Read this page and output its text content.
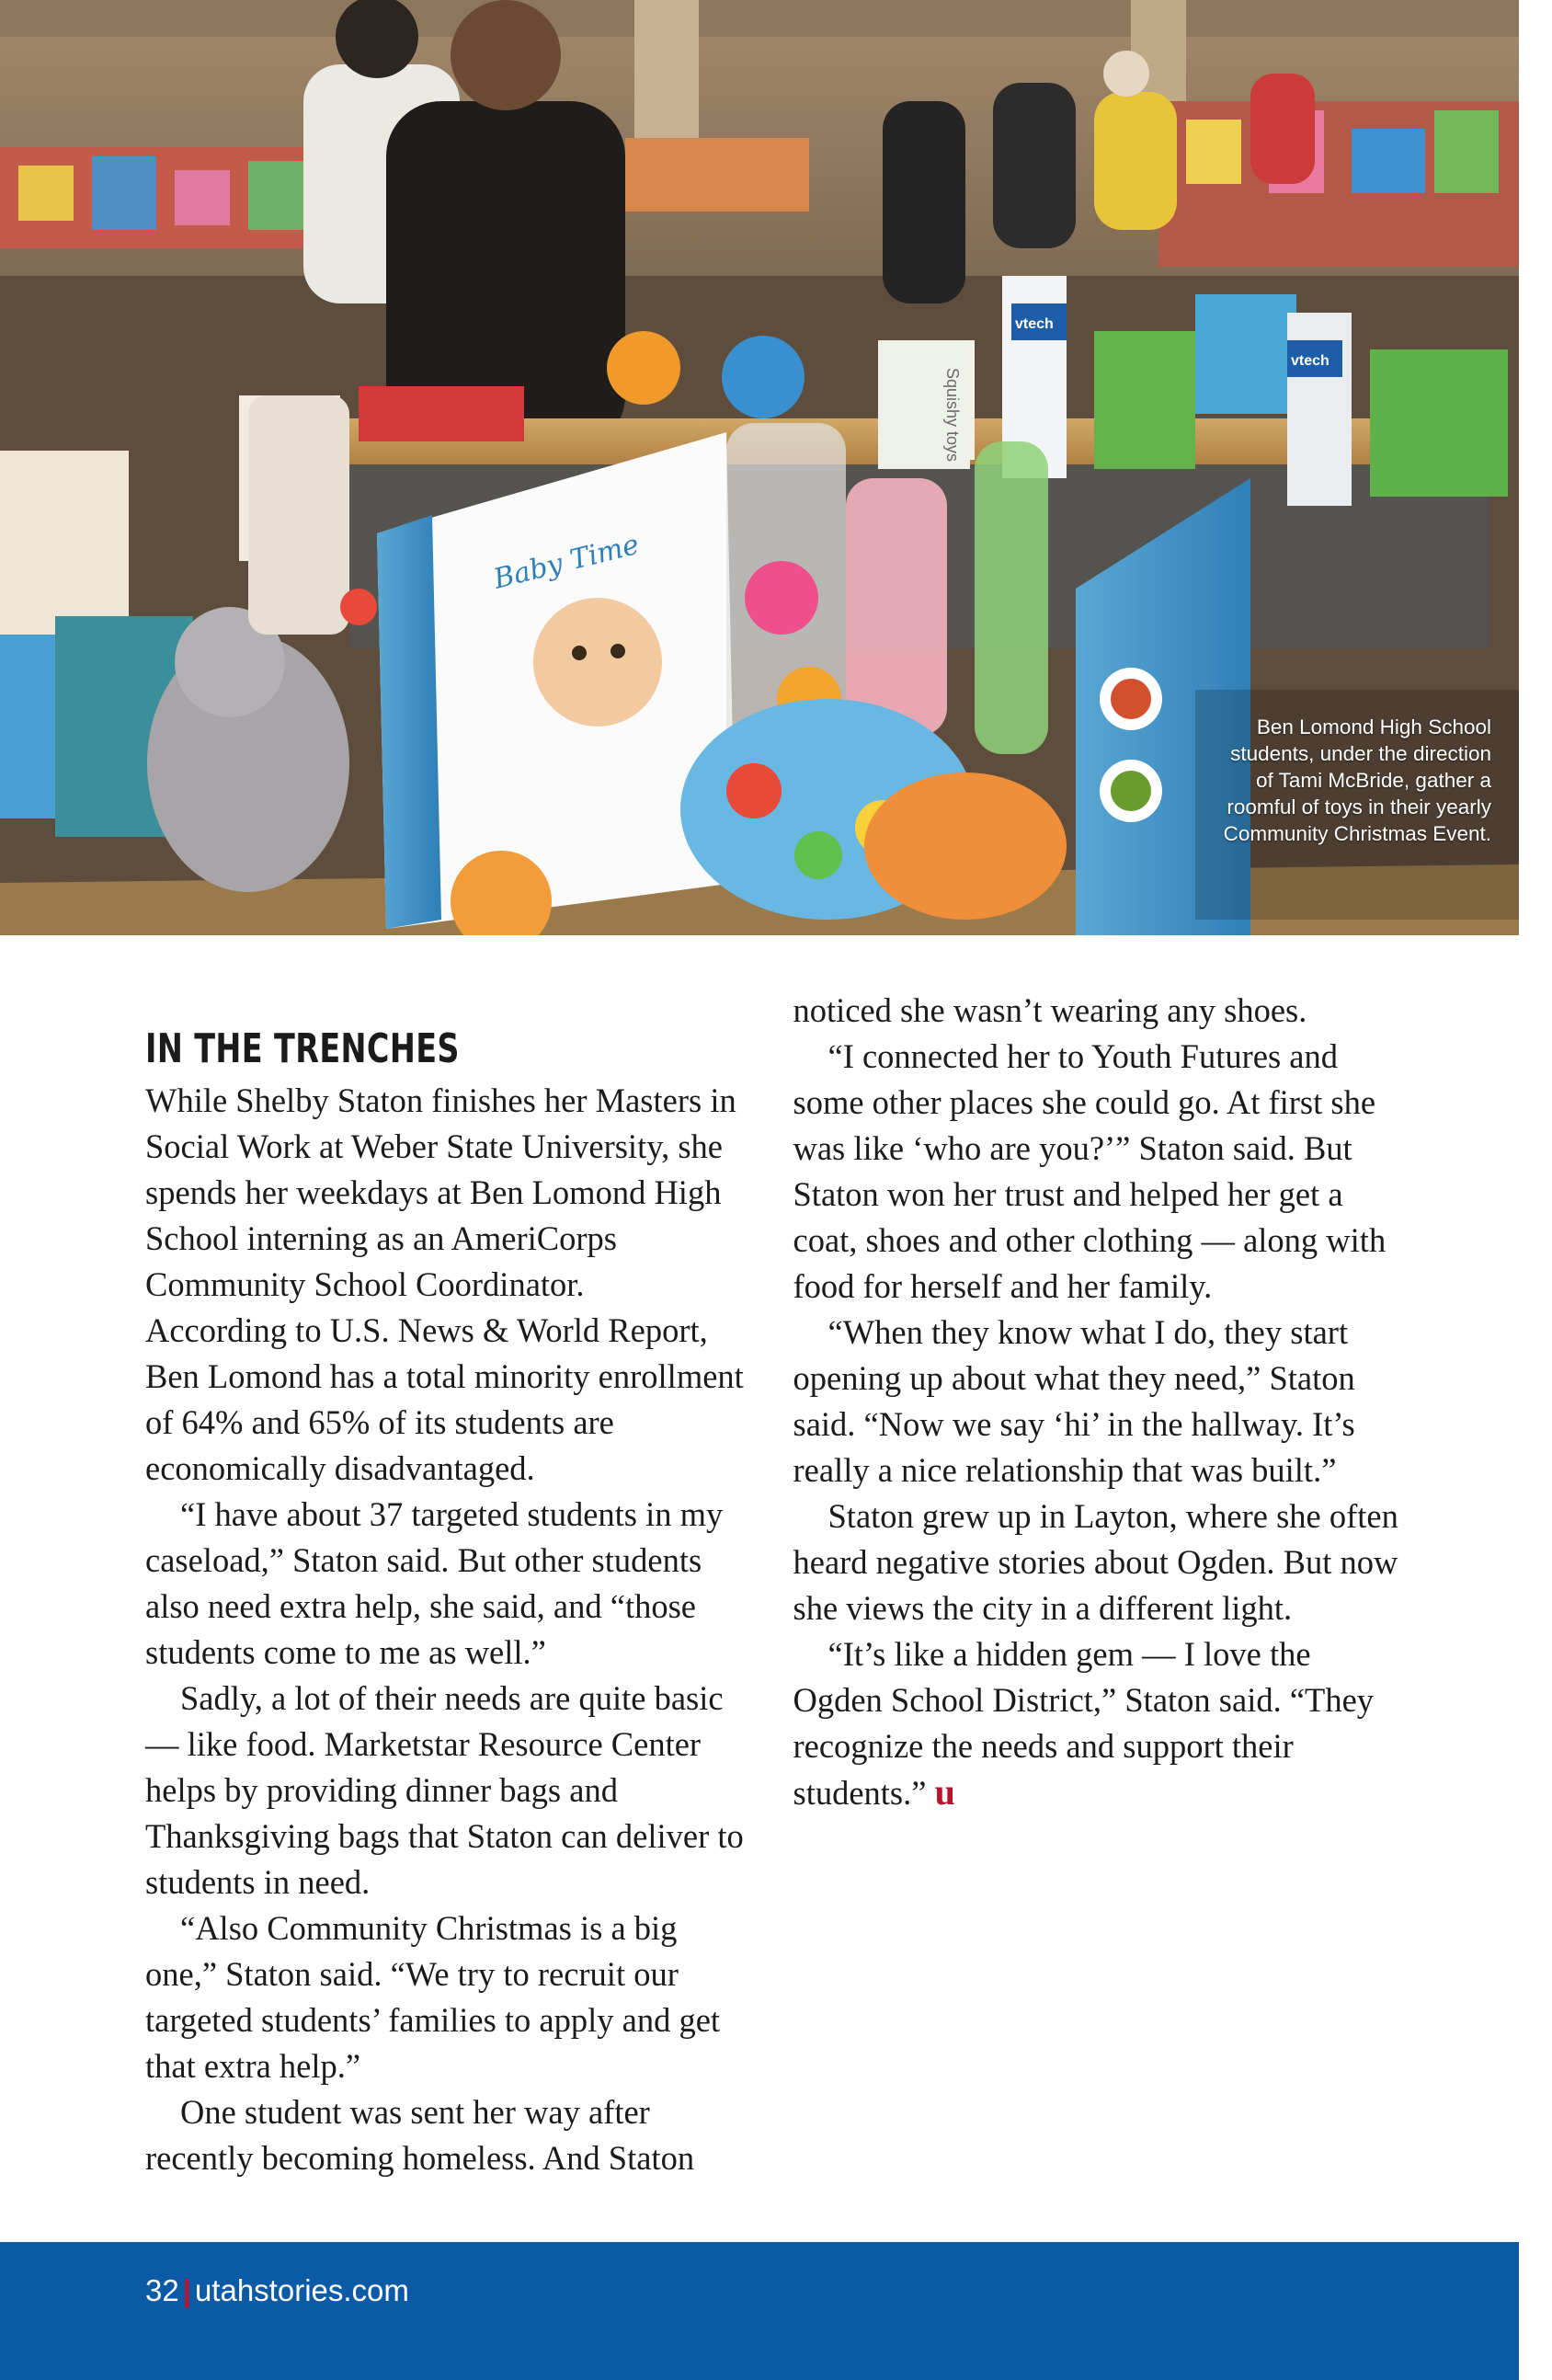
Baby Time
vtech
vtech
Squishy toys
Ben Lomond High School students, under the direction of Tami McBride, gather a roomful of toys in their yearly Community Christmas Event.
IN THE TRENCHES

While Shelby Staton finishes her Masters in Social Work at Weber State University, she spends her weekdays at Ben Lomond High School interning as an AmeriCorps Community School Coordinator.

According to U.S. News & World Report, Ben Lomond has a total minority enrollment of 64% and 65% of its students are economically disadvantaged.

“I have about 37 targeted students in my caseload,” Staton said. But other students also need extra help, she said, and “those students come to me as well.”

Sadly, a lot of their needs are quite basic — like food. Marketstar Resource Center helps by providing dinner bags and Thanksgiving bags that Staton can deliver to students in need.

“Also Community Christmas is a big one,” Staton said. “We try to recruit our targeted students’ families to apply and get that extra help.”

One student was sent her way after recently becoming homeless. And Staton noticed she wasn’t wearing any shoes.

“I connected her to Youth Futures and some other places she could go. At first she was like ‘who are you?’” Staton said. But Staton won her trust and helped her get a coat, shoes and other clothing — along with food for herself and her family.

“When they know what I do, they start opening up about what they need,” Staton said. “Now we say ‘hi’ in the hallway. It’s really a nice relationship that was built.”

Staton grew up in Layton, where she often heard negative stories about Ogden. But now she views the city in a different light.

“It’s like a hidden gem — I love the Ogden School District,” Staton said. “They recognize the needs and support their students.” u

32 | utahstories.com
